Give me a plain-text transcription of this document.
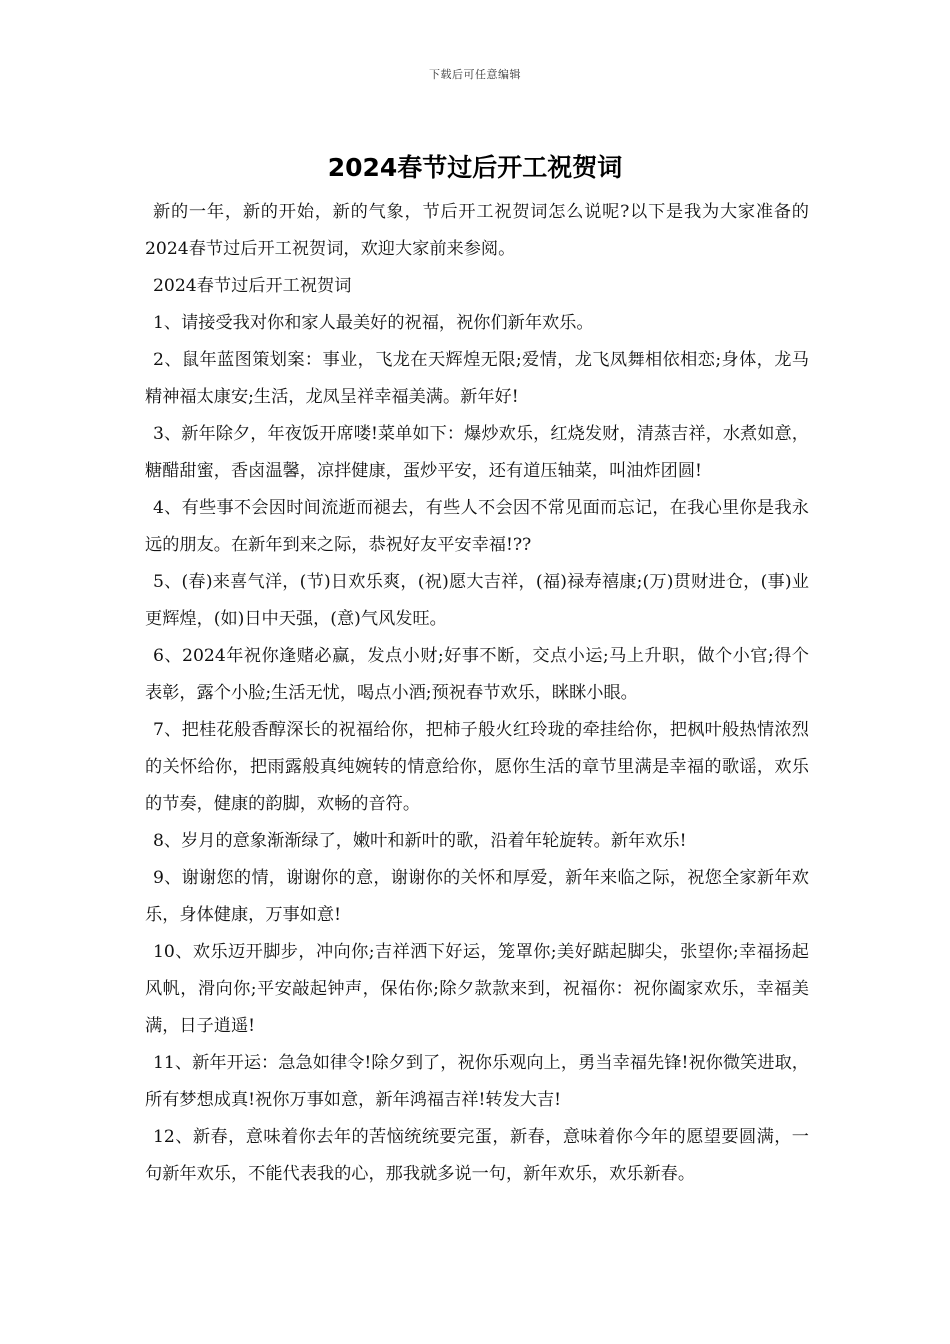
下载后可任意编辑
2024春节过后开工祝贺词

新的一年，新的开始，新的气象，节后开工祝贺词怎么说呢?以下是我为大家准备的2024春节过后开工祝贺词，欢迎大家前来参阅。

2024春节过后开工祝贺词

1、请接受我对你和家人最美好的祝福，祝你们新年欢乐。

2、鼠年蓝图策划案：事业，飞龙在天辉煌无限;爱情，龙飞凤舞相依相恋;身体，龙马精神福太康安;生活，龙凤呈祥幸福美满。新年好!

3、新年除夕，年夜饭开席喽!菜单如下：爆炒欢乐，红烧发财，清蒸吉祥，水煮如意，糖醋甜蜜，香卤温馨，凉拌健康，蛋炒平安，还有道压轴菜，叫油炸团圆!

4、有些事不会因时间流逝而褪去，有些人不会因不常见面而忘记，在我心里你是我永远的朋友。在新年到来之际，恭祝好友平安幸福!??

5、(春)来喜气洋，(节)日欢乐爽，(祝)愿大吉祥，(福)禄寿禧康;(万)贯财进仓，(事)业更辉煌，(如)日中天强，(意)气风发旺。

6、2024年祝你逢赌必赢，发点小财;好事不断，交点小运;马上升职，做个小官;得个表彰，露个小脸;生活无忧，喝点小酒;预祝春节欢乐，眯眯小眼。

7、把桂花般香醇深长的祝福给你，把柿子般火红玲珑的牵挂给你，把枫叶般热情浓烈的关怀给你，把雨露般真纯婉转的情意给你，愿你生活的章节里满是幸福的歌谣，欢乐的节奏，健康的韵脚，欢畅的音符。

8、岁月的意象渐渐绿了，嫩叶和新叶的歌，沿着年轮旋转。新年欢乐!

9、谢谢您的情，谢谢你的意，谢谢你的关怀和厚爱，新年来临之际，祝您全家新年欢乐，身体健康，万事如意!

10、欢乐迈开脚步，冲向你;吉祥洒下好运，笼罩你;美好踮起脚尖，张望你;幸福扬起风帆，滑向你;平安敲起钟声，保佑你;除夕款款来到，祝福你：祝你阖家欢乐，幸福美满，日子逍遥!

11、新年开运：急急如律令!除夕到了，祝你乐观向上，勇当幸福先锋!祝你微笑进取，所有梦想成真!祝你万事如意，新年鸿福吉祥!转发大吉!

12、新春，意味着你去年的苦恼统统要完蛋，新春，意味着你今年的愿望要圆满，一句新年欢乐，不能代表我的心，那我就多说一句，新年欢乐，欢乐新春。
